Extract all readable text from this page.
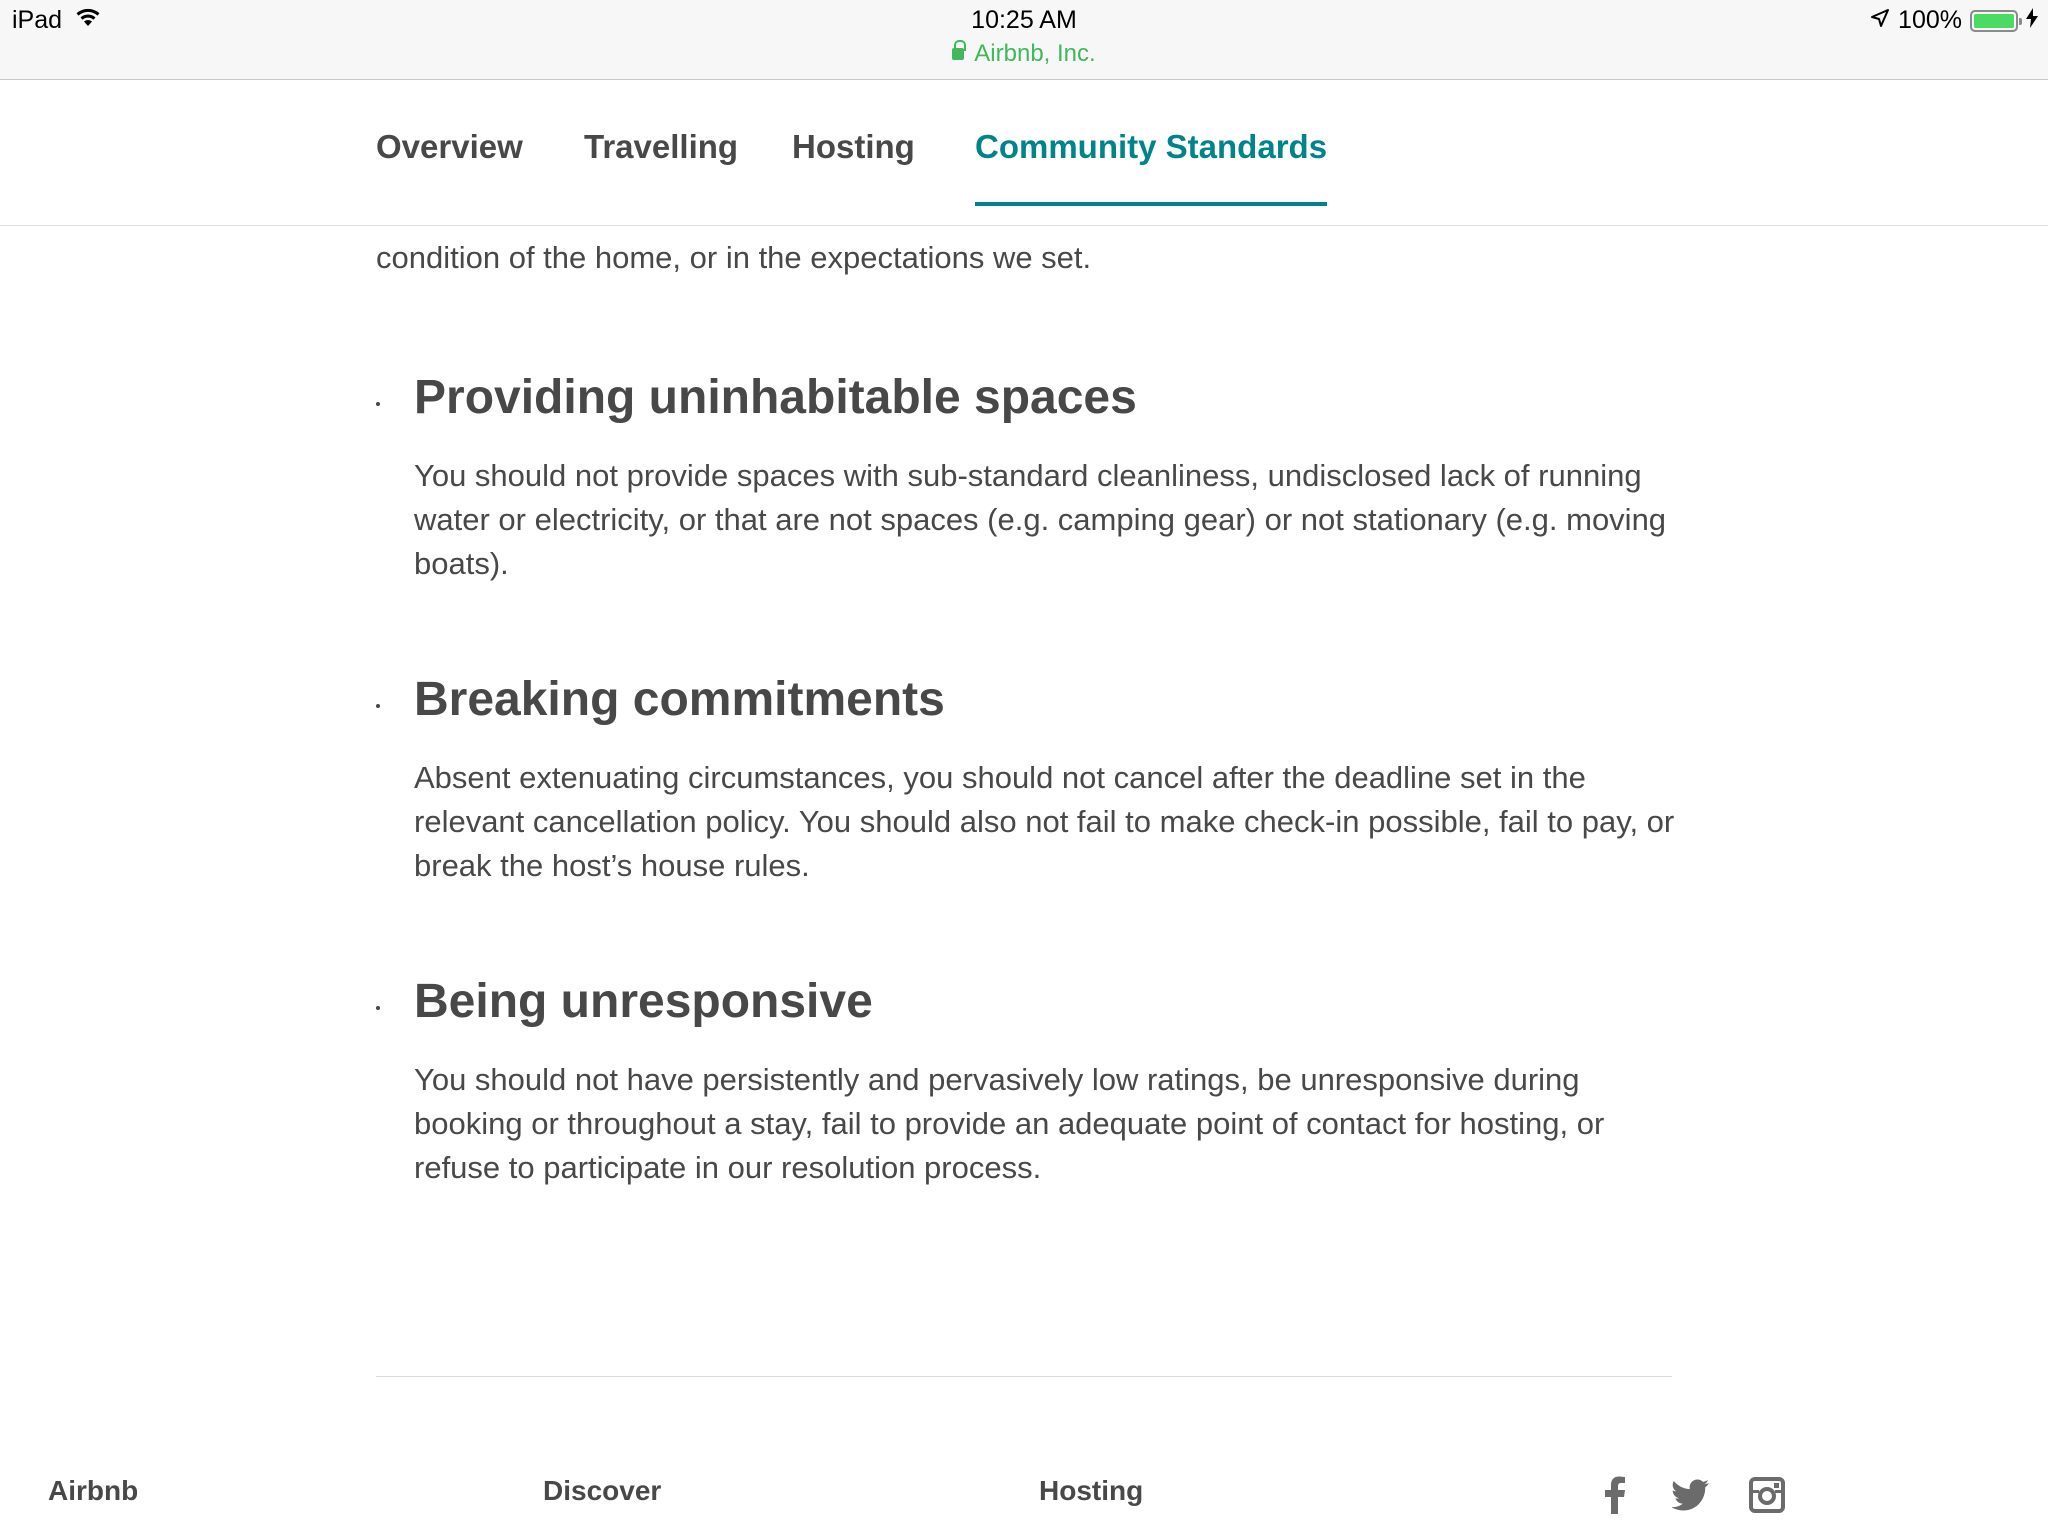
iPad	10:25 AM
Airbnb, Inc.
100%
Overview Travelling Hosting Community Standards

condition of the home, or in the expectations we set.

Providing uninhabitable spaces

You should not provide spaces with sub-standard cleanliness, undisclosed lack of running water or electricity, or that are not spaces (e.g. camping gear) or not stationary (e.g. moving boats).

Breaking commitments

Absent extenuating circumstances, you should not cancel after the deadline set in the relevant cancellation policy. You should also not fail to make check-in possible, fail to pay, or break the host’s house rules.

Being unresponsive

You should not have persistently and pervasively low ratings, be unresponsive during booking or throughout a stay, fail to provide an adequate point of contact for hosting, or refuse to participate in our resolution process.

Airbnb	Discover	Hosting
